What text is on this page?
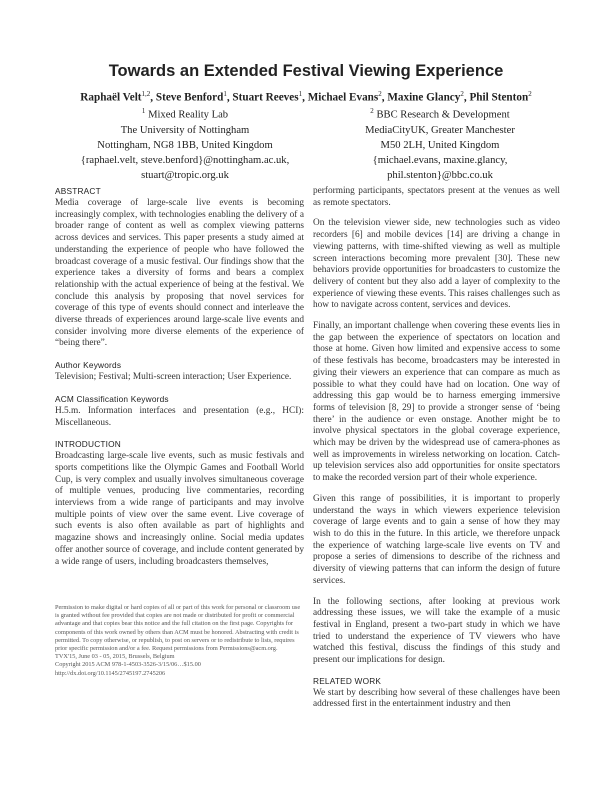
Towards an Extended Festival Viewing Experience
Raphaël Velt$^{1,2}$, Steve Benford$^1$, Stuart Reeves$^1$, Michael Evans$^2$, Maxine Glancy$^2$, Phil Stenton$^2$
$^1$ Mixed Reality Lab
The University of Nottingham
Nottingham, NG8 1BB, United Kingdom
{raphael.velt, steve.benford}@nottingham.ac.uk,
stuart@tropic.org.uk
$^2$ BBC Research & Development
MediaCityUK, Greater Manchester
M50 2LH, United Kingdom
{michael.evans, maxine.glancy,
phil.stenton}@bbc.co.uk
ABSTRACT

Media coverage of large-scale live events is becoming increasingly complex, with technologies enabling the delivery of a broader range of content as well as complex viewing patterns across devices and services. This paper presents a study aimed at understanding the experience of people who have followed the broadcast coverage of a music festival. Our findings show that the experience takes a diversity of forms and bears a complex relationship with the actual experience of being at the festival. We conclude this analysis by proposing that novel services for coverage of this type of events should connect and interleave the diverse threads of experiences around large-scale live events and consider involving more diverse elements of the experience of “being there”.

Author Keywords

Television; Festival; Multi-screen interaction; User Experience.

ACM Classification Keywords

H.5.m. Information interfaces and presentation (e.g., HCI): Miscellaneous.

INTRODUCTION

Broadcasting large-scale live events, such as music festivals and sports competitions like the Olympic Games and Football World Cup, is very complex and usually involves simultaneous coverage of multiple venues, producing live commentaries, recording interviews from a wide range of participants and may involve multiple points of view over the same event. Live coverage of such events is also often available as part of highlights and magazine shows and increasingly online. Social media updates offer another source of coverage, and include content generated by a wide range of users, including broadcasters themselves,

Permission to make digital or hard copies of all or part of this work for personal or classroom use is granted without fee provided that copies are not made or distributed for profit or commercial advantage and that copies bear this notice and the full citation on the first page. Copyrights for components of this work owned by others than ACM must be honored. Abstracting with credit is permitted. To copy otherwise, or republish, to post on servers or to redistribute to lists, requires prior specific permission and/or a fee. Request permissions from Permissions@acm.org.

TVX'15, June 03 - 05, 2015, Brussels, Belgium

Copyright 2015 ACM 978-1-4503-3526-3/15/06…$15.00

http://dx.doi.org/10.1145/2745197.2745206

performing participants, spectators present at the venues as well as remote spectators.

On the television viewer side, new technologies such as video recorders [6] and mobile devices [14] are driving a change in viewing patterns, with time-shifted viewing as well as multiple screen interactions becoming more prevalent [30]. These new behaviors provide opportunities for broadcasters to customize the delivery of content but they also add a layer of complexity to the experience of viewing these events. This raises challenges such as how to navigate across content, services and devices.

Finally, an important challenge when covering these events lies in the gap between the experience of spectators on location and those at home. Given how limited and expensive access to some of these festivals has become, broadcasters may be interested in giving their viewers an experience that can compare as much as possible to what they could have had on location. One way of addressing this gap would be to harness emerging immersive forms of television [8, 29] to provide a stronger sense of ‘being there’ in the audience or even onstage. Another might be to involve physical spectators in the global coverage experience, which may be driven by the widespread use of camera-phones as well as improvements in wireless networking on location. Catch-up television services also add opportunities for onsite spectators to make the recorded version part of their whole experience.

Given this range of possibilities, it is important to properly understand the ways in which viewers experience television coverage of large events and to gain a sense of how they may wish to do this in the future. In this article, we therefore unpack the experience of watching large-scale live events on TV and propose a series of dimensions to describe of the richness and diversity of viewing patterns that can inform the design of future services.

In the following sections, after looking at previous work addressing these issues, we will take the example of a music festival in England, present a two-part study in which we have tried to understand the experience of TV viewers who have watched this festival, discuss the findings of this study and present our implications for design.

RELATED WORK

We start by describing how several of these challenges have been addressed first in the entertainment industry and then
